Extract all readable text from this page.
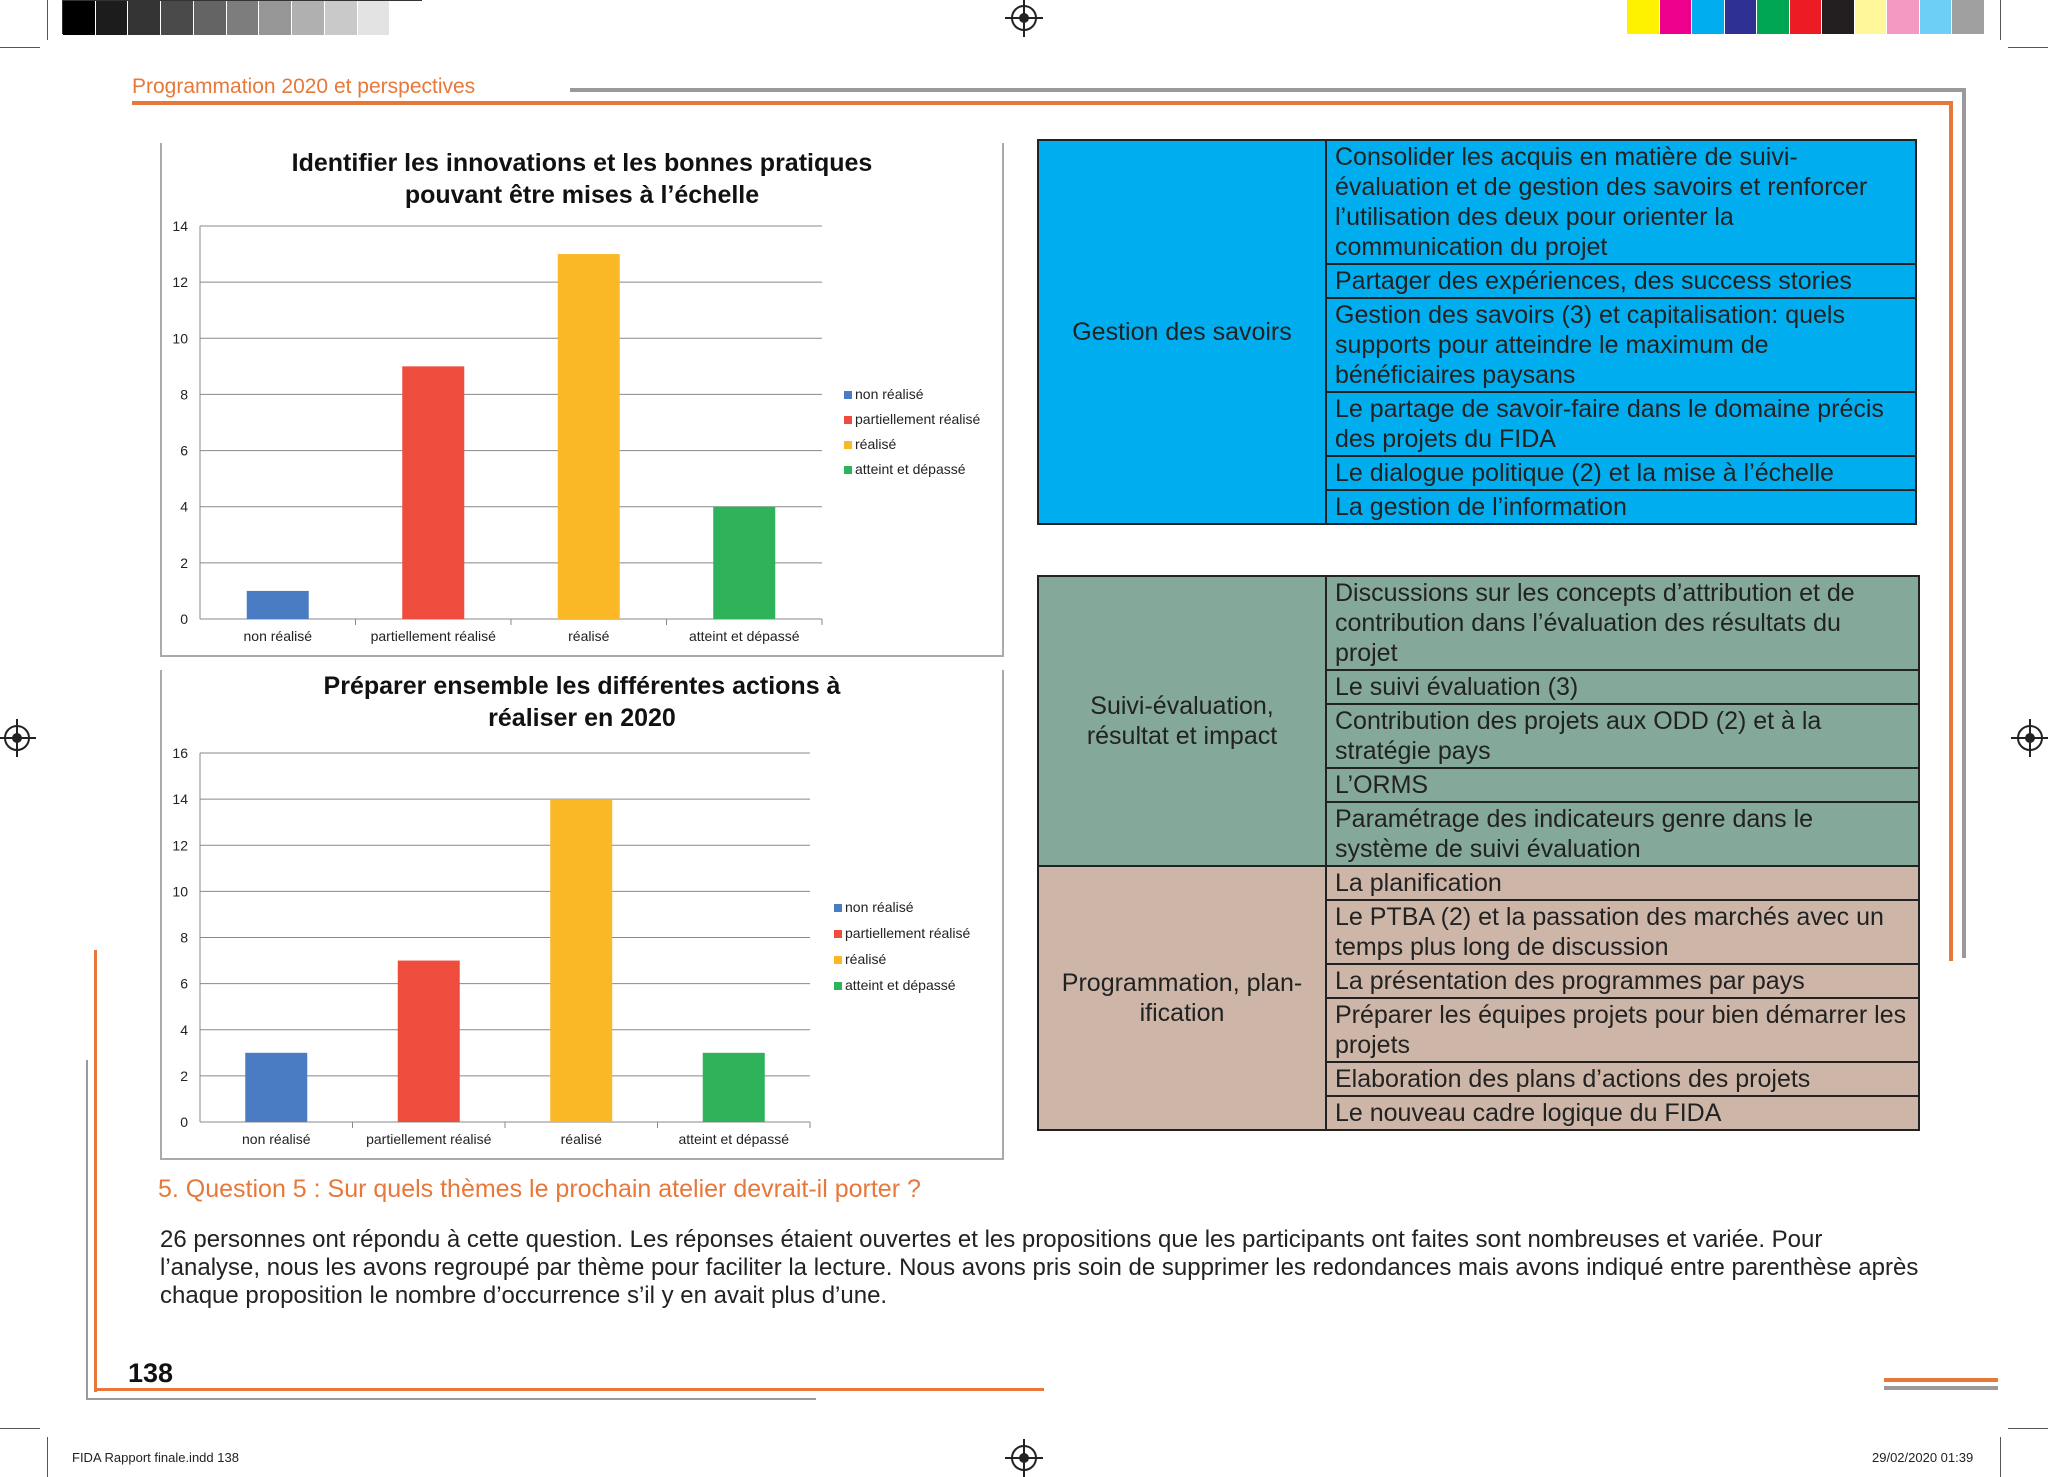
Programmation 2020 et perspectives
Identifier les innovations et les bonnes pratiques
pouvant être mises à l’échelle
0
2
4
6
8
10
12
14
non réalisé	partiellement réalisé	réalisé	atteint et dépassé
non réalisé
partiellement réalisé
réalisé
atteint et dépassé
Préparer ensemble les différentes actions à
réaliser en 2020
0
2
4
6
8
10
12
14
16
non réalisé	partiellement réalisé	réalisé	atteint et dépassé
non réalisé
partiellement réalisé
réalisé
atteint et dépassé
Gestion des savoirs	Consolider les acquis en matière de suivi-évaluation et de gestion des savoirs et renforcer l’utilisation des deux pour orienter la communication du projet
Partager des expériences, des success stories
Gestion des savoirs (3) et capitalisation: quels supports pour atteindre le maximum de bénéficiaires paysans
Le partage de savoir-faire dans le domaine précis des projets du FIDA
Le dialogue politique (2) et la mise à l’échelle
La gestion de l’information
Suivi-évaluation, résultat et impact	Discussions sur les concepts d’attribution et de contribution dans l’évaluation des résultats du projet
	Le suivi évaluation (3)
	Contribution des projets aux ODD (2) et à la stratégie pays
	L’ORMS
	Paramétrage des indicateurs genre dans le système de suivi évaluation
Programmation, plan-ification	La planification
	Le PTBA (2) et la passation des marchés avec un temps plus long de discussion
	La présentation des programmes par pays
	Préparer les équipes projets pour bien démarrer les projets
	Elaboration des plans d’actions des projets
	Le nouveau cadre logique du FIDA
5. Question 5 : Sur quels thèmes le prochain atelier devrait-il porter ?
26 personnes ont répondu à cette question. Les réponses étaient ouvertes et les propositions que les participants ont faites sont nombreuses et variée. Pour l’analyse, nous les avons regroupé par thème pour faciliter la lecture. Nous avons pris soin de supprimer les redondances mais avons indiqué entre parenthèse après chaque proposition le nombre d’occurrence s’il y en avait plus d’une.
138
FIDA Rapport finale.indd 138	29/02/2020 01:39
